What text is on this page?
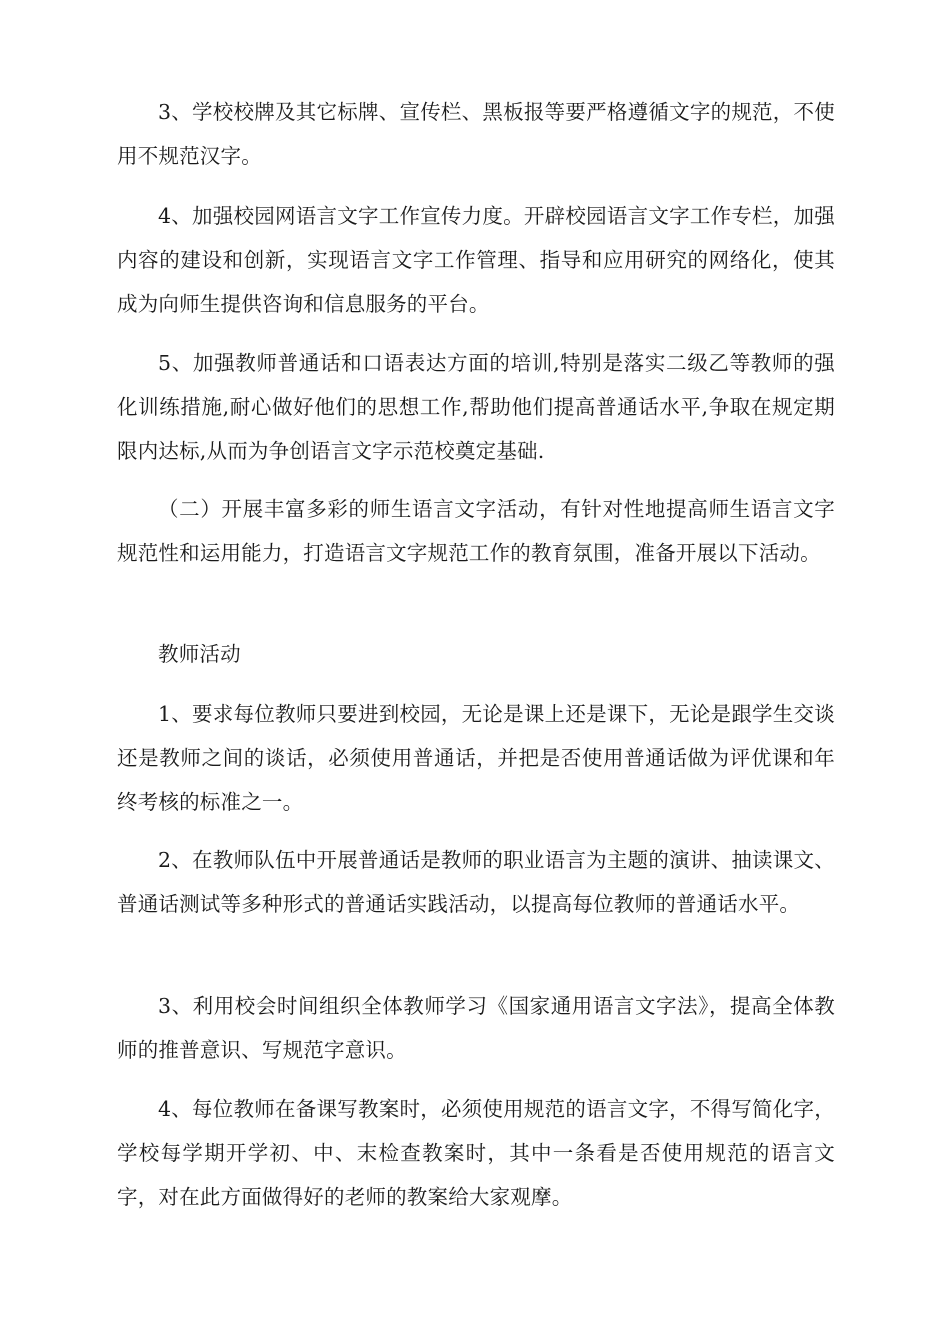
3、学校校牌及其它标牌、宣传栏、黑板报等要严格遵循文字的规范，不使用不规范汉字。

4、加强校园网语言文字工作宣传力度。开辟校园语言文字工作专栏，加强内容的建设和创新，实现语言文字工作管理、指导和应用研究的网络化，使其成为向师生提供咨询和信息服务的平台。

5、加强教师普通话和口语表达方面的培训,特别是落实二级乙等教师的强化训练措施,耐心做好他们的思想工作,帮助他们提高普通话水平,争取在规定期限内达标,从而为争创语言文字示范校奠定基础.

（二）开展丰富多彩的师生语言文字活动，有针对性地提高师生语言文字规范性和运用能力，打造语言文字规范工作的教育氛围，准备开展以下活动。

教师活动

1、要求每位教师只要进到校园，无论是课上还是课下，无论是跟学生交谈还是教师之间的谈话，必须使用普通话，并把是否使用普通话做为评优课和年终考核的标准之一。

2、在教师队伍中开展普通话是教师的职业语言为主题的演讲、抽读课文、普通话测试等多种形式的普通话实践活动，以提高每位教师的普通话水平。

3、利用校会时间组织全体教师学习《国家通用语言文字法》，提高全体教师的推普意识、写规范字意识。

4、每位教师在备课写教案时，必须使用规范的语言文字，不得写简化字，学校每学期开学初、中、末检查教案时，其中一条看是否使用规范的语言文字，对在此方面做得好的老师的教案给大家观摩。
